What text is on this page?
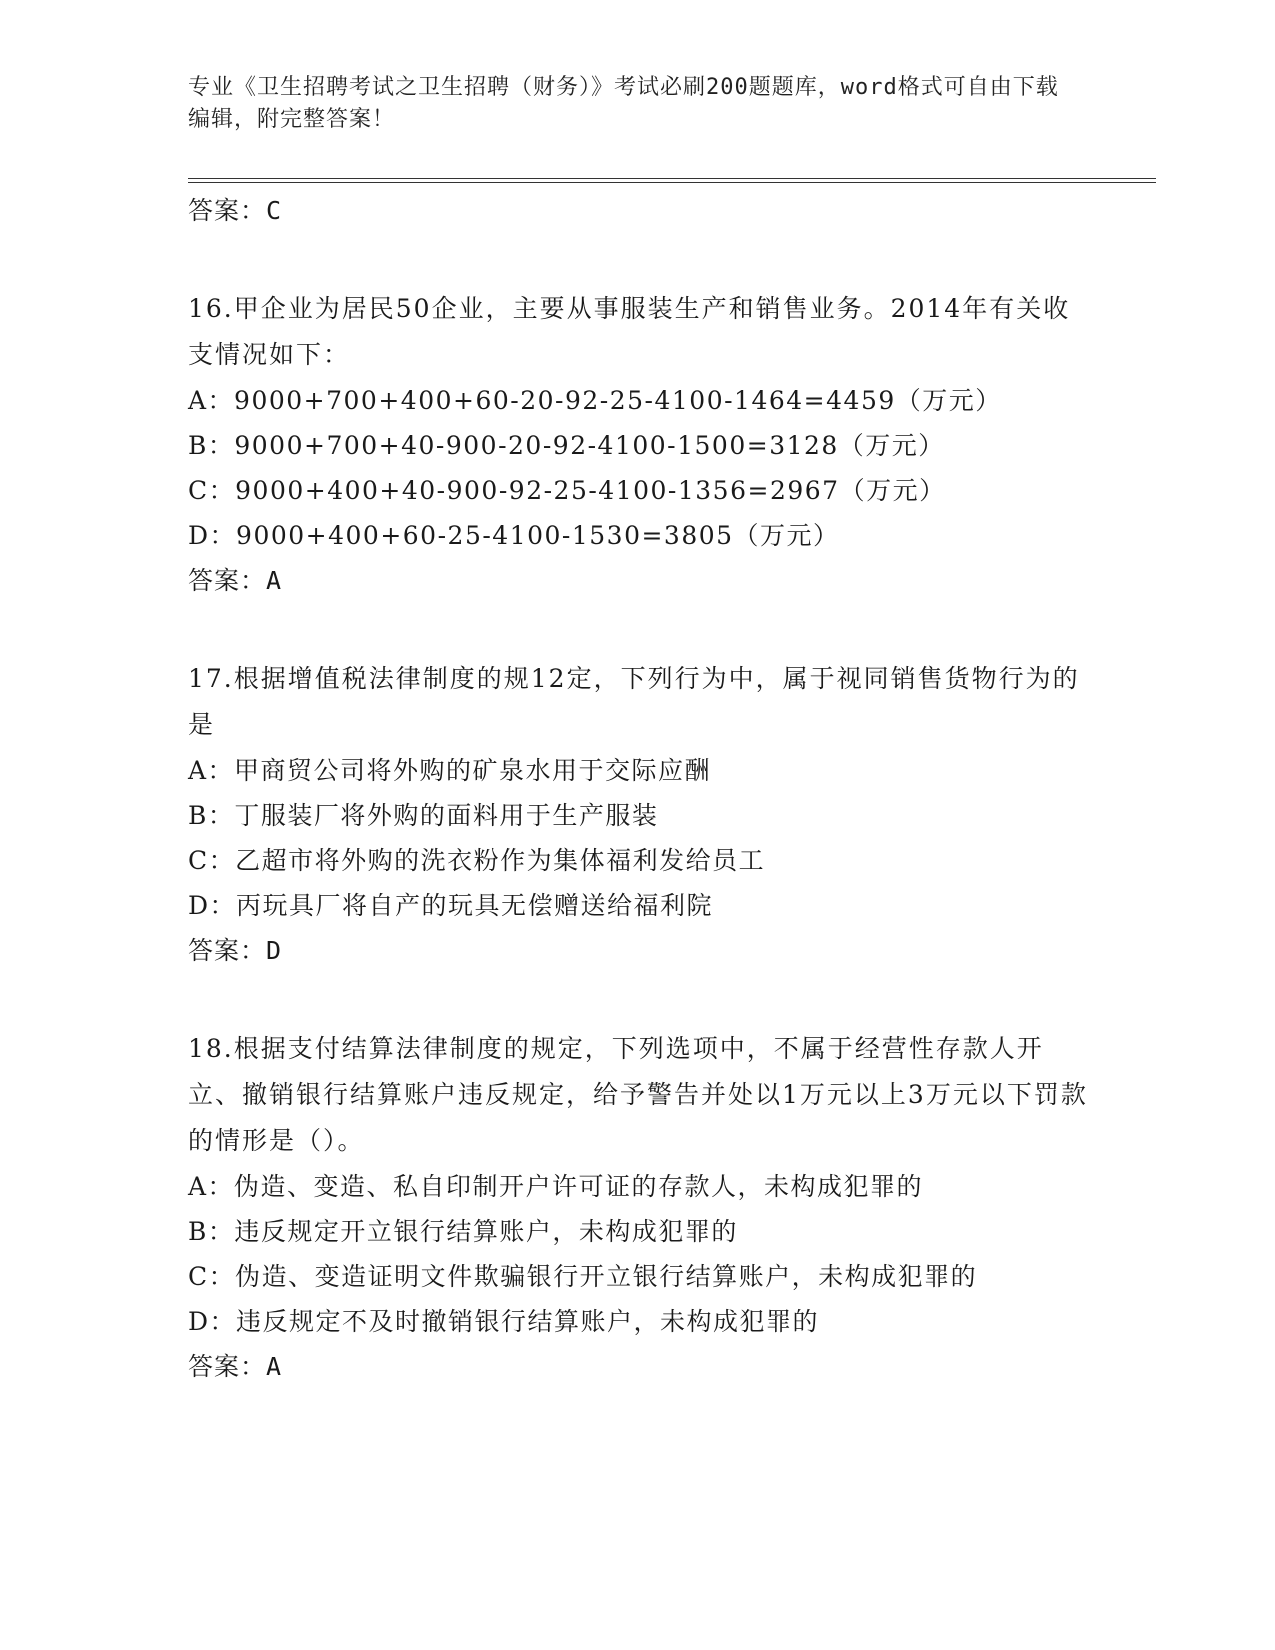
专业《卫生招聘考试之卫生招聘（财务）》考试必刷200题题库，word格式可自由下载编辑，附完整答案！
答案：C
16.甲企业为居民50企业，主要从事服装生产和销售业务。2014年有关收支情况如下：
A：9000+700+400+60-20-92-25-4100-1464=4459（万元）
B：9000+700+40-900-20-92-4100-1500=3128（万元）
C：9000+400+40-900-92-25-4100-1356=2967（万元）
D：9000+400+60-25-4100-1530=3805（万元）
答案：A
17.根据增值税法律制度的规12定，下列行为中，属于视同销售货物行为的是
A：甲商贸公司将外购的矿泉水用于交际应酬
B：丁服装厂将外购的面料用于生产服装
C：乙超市将外购的洗衣粉作为集体福利发给员工
D：丙玩具厂将自产的玩具无偿赠送给福利院
答案：D
18.根据支付结算法律制度的规定，下列选项中，不属于经营性存款人开立、撤销银行结算账户违反规定，给予警告并处以1万元以上3万元以下罚款的情形是（）。
A：伪造、变造、私自印制开户许可证的存款人，未构成犯罪的
B：违反规定开立银行结算账户，未构成犯罪的
C：伪造、变造证明文件欺骗银行开立银行结算账户，未构成犯罪的
D：违反规定不及时撤销银行结算账户，未构成犯罪的
答案：A
